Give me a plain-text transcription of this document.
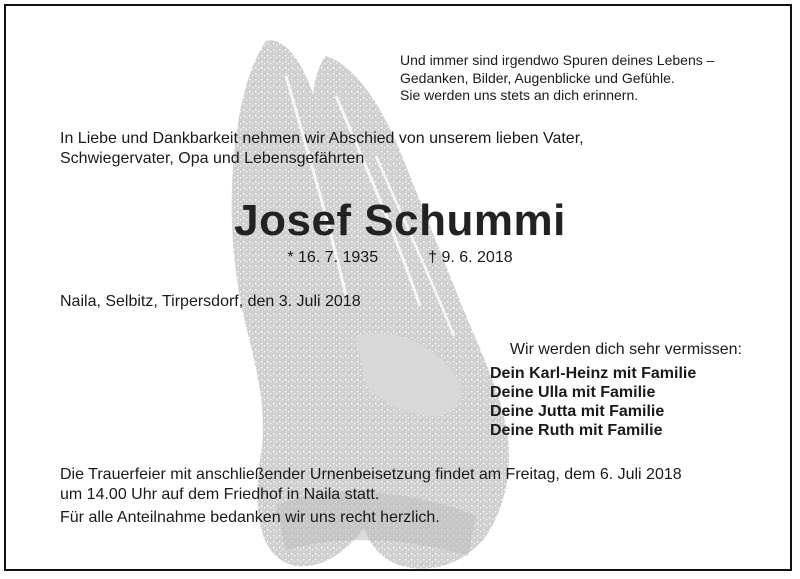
Und immer sind irgendwo Spuren deines Lebens –
Gedanken, Bilder, Augenblicke und Gefühle.
Sie werden uns stets an dich erinnern.

In Liebe und Dankbarkeit nehmen wir Abschied von unserem lieben Vater,
Schwiegervater, Opa und Lebensgefährten

Josef Schummi

* 16. 7. 1935	† 9. 6. 2018

Naila, Selbitz, Tirpersdorf, den 3. Juli 2018

Wir werden dich sehr vermissen:

Dein Karl-Heinz mit Familie
Deine Ulla mit Familie
Deine Jutta mit Familie
Deine Ruth mit Familie

Die Trauerfeier mit anschließender Urnenbeisetzung findet am Freitag, dem 6. Juli 2018
um 14.00 Uhr auf dem Friedhof in Naila statt.

Für alle Anteilnahme bedanken wir uns recht herzlich.
